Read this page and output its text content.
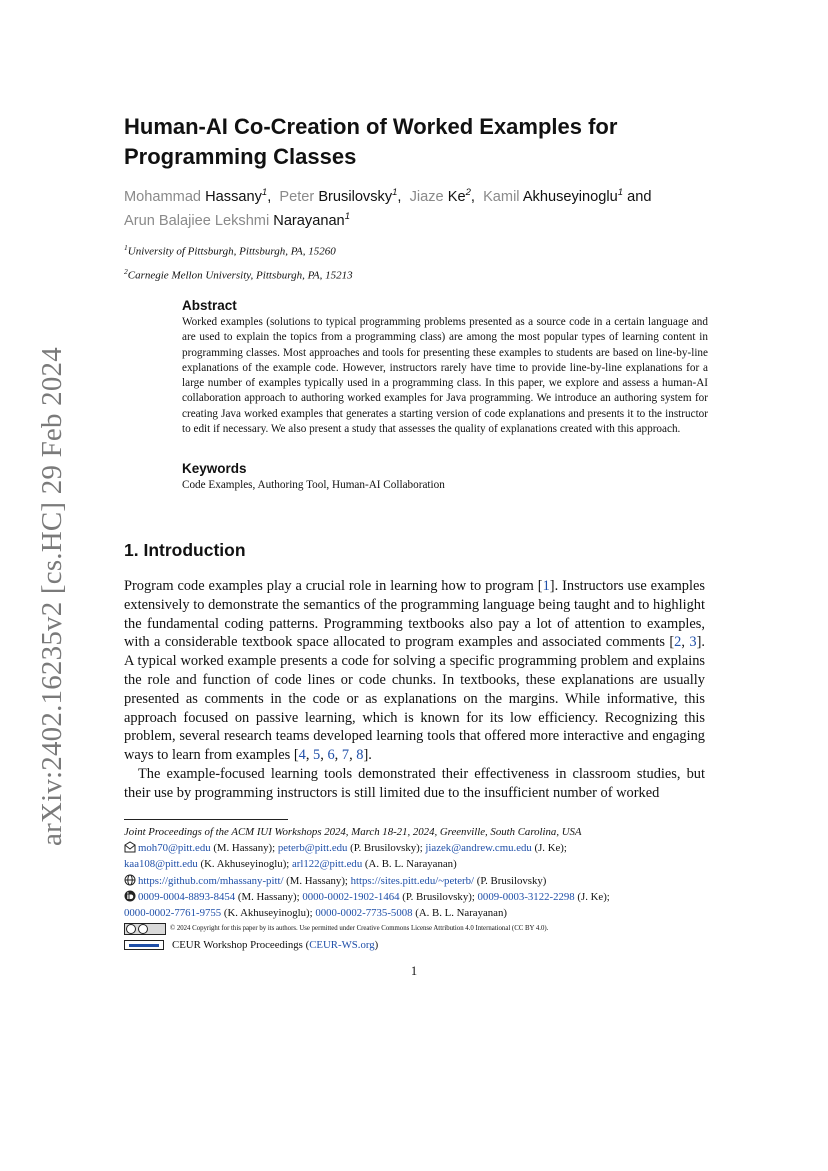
arXiv:2402.16235v2 [cs.HC] 29 Feb 2024
Human-AI Co-Creation of Worked Examples for Programming Classes
Mohammad Hassany$^1$,  Peter Brusilovsky$^1$,  Jiaze Ke$^2$,  Kamil Akhuseyinoglu$^1$ and
Arun Balajiee Lekshmi Narayanan$^1$
$^1$University of Pittsburgh, Pittsburgh, PA, 15260
$^2$Carnegie Mellon University, Pittsburgh, PA, 15213
Abstract

Worked examples (solutions to typical programming problems presented as a source code in a certain language and are used to explain the topics from a programming class) are among the most popular types of learning content in programming classes. Most approaches and tools for presenting these examples to students are based on line-by-line explanations of the example code. However, instructors rarely have time to provide line-by-line explanations for a large number of examples typically used in a programming class. In this paper, we explore and assess a human-AI collaboration approach to authoring worked examples for Java programming. We introduce an authoring system for creating Java worked examples that generates a starting version of code explanations and presents it to the instructor to edit if necessary. We also present a study that assesses the quality of explanations created with this approach.

Keywords

Code Examples, Authoring Tool, Human-AI Collaboration

1. Introduction

Program code examples play a crucial role in learning how to program [1]. Instructors use examples extensively to demonstrate the semantics of the programming language being taught and to highlight the fundamental coding patterns. Programming textbooks also pay a lot of attention to examples, with a considerable textbook space allocated to program examples and associated comments [2, 3]. A typical worked example presents a code for solving a specific programming problem and explains the role and function of code lines or code chunks. In textbooks, these explanations are usually presented as comments in the code or as explanations on the margins. While informative, this approach focused on passive learning, which is known for its low efficiency. Recognizing this problem, several research teams developed learning tools that offered more interactive and engaging ways to learn from examples [4, 5, 6, 7, 8].

The example-focused learning tools demonstrated their effectiveness in classroom studies, but their use by programming instructors is still limited due to the insufficient number of worked

Joint Proceedings of the ACM IUI Workshops 2024, March 18-21, 2024, Greenville, South Carolina, USA
moh70@pitt.edu (M. Hassany); peterb@pitt.edu (P. Brusilovsky); jiazek@andrew.cmu.edu (J. Ke);
kaa108@pitt.edu (K. Akhuseyinoglu); arl122@pitt.edu (A. B. L. Narayanan)
https://github.com/mhassany-pitt/ (M. Hassany); https://sites.pitt.edu/~peterb/ (P. Brusilovsky)
0009-0004-8893-8454 (M. Hassany); 0000-0002-1902-1464 (P. Brusilovsky); 0009-0003-3122-2298 (J. Ke);
0000-0002-7761-9755 (K. Akhuseyinoglu); 0000-0002-7735-5008 (A. B. L. Narayanan)
© 2024 Copyright for this paper by its authors. Use permitted under Creative Commons License Attribution 4.0 International (CC BY 4.0).
CEUR Workshop Proceedings ( CEUR-WS.org )
1
